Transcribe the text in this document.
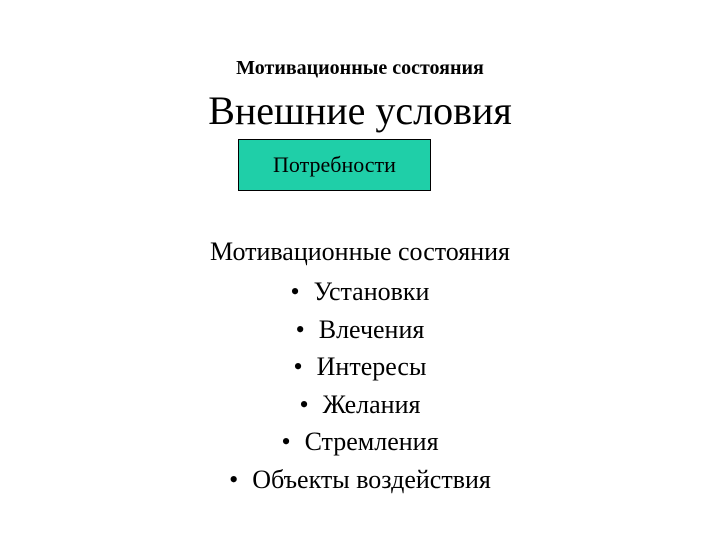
Мотивационные состояния
Внешние условия
Потребности
Мотивационные состояния
• Установки
• Влечения
• Интересы
• Желания
• Стремления
• Объекты воздействия
